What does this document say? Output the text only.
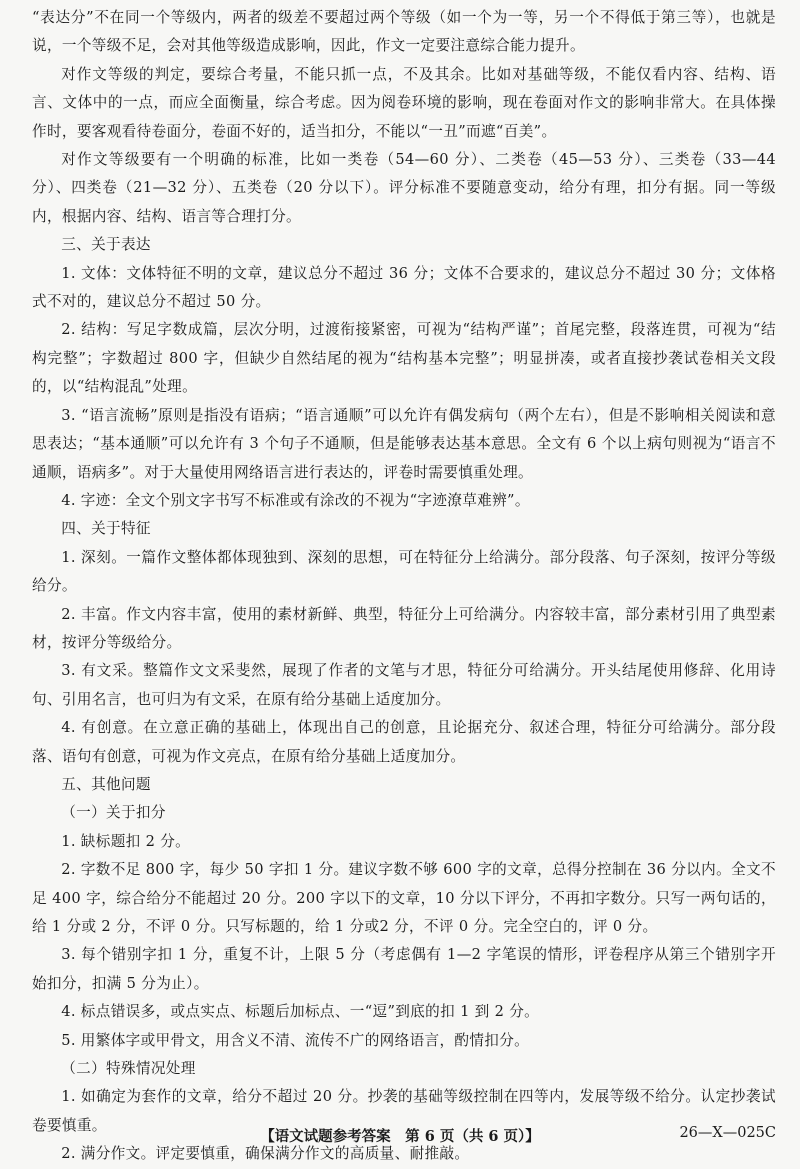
“表达分”不在同一个等级内，两者的级差不要超过两个等级（如一个为一等，另一个不得低于第三等），也就是说，一个等级不足，会对其他等级造成影响，因此，作文一定要注意综合能力提升。

对作文等级的判定，要综合考量，不能只抓一点，不及其余。比如对基础等级，不能仅看内容、结构、语言、文体中的一点，而应全面衡量，综合考虑。因为阅卷环境的影响，现在卷面对作文的影响非常大。在具体操作时，要客观看待卷面分，卷面不好的，适当扣分，不能以“一丑”而遮“百美”。

对作文等级要有一个明确的标准，比如一类卷（54—60 分）、二类卷（45—53 分）、三类卷（33—44 分）、四类卷（21—32 分）、五类卷（20 分以下）。评分标准不要随意变动，给分有理，扣分有据。同一等级内，根据内容、结构、语言等合理打分。

三、关于表达

1. 文体：文体特征不明的文章，建议总分不超过 36 分；文体不合要求的，建议总分不超过 30 分；文体格式不对的，建议总分不超过 50 分。

2. 结构：写足字数成篇，层次分明，过渡衔接紧密，可视为“结构严谨”；首尾完整，段落连贯，可视为“结构完整”；字数超过 800 字，但缺少自然结尾的视为“结构基本完整”；明显拼凑，或者直接抄袭试卷相关文段的，以“结构混乱”处理。

3. “语言流畅”原则是指没有语病；“语言通顺”可以允许有偶发病句（两个左右），但是不影响相关阅读和意思表达；“基本通顺”可以允许有 3 个句子不通顺，但是能够表达基本意思。全文有 6 个以上病句则视为“语言不通顺，语病多”。对于大量使用网络语言进行表达的，评卷时需要慎重处理。

4. 字迹：全文个别文字书写不标准或有涂改的不视为“字迹潦草难辨”。

四、关于特征

1. 深刻。一篇作文整体都体现独到、深刻的思想，可在特征分上给满分。部分段落、句子深刻，按评分等级给分。

2. 丰富。作文内容丰富，使用的素材新鲜、典型，特征分上可给满分。内容较丰富，部分素材引用了典型素材，按评分等级给分。

3. 有文采。整篇作文文采斐然，展现了作者的文笔与才思，特征分可给满分。开头结尾使用修辞、化用诗句、引用名言，也可归为有文采，在原有给分基础上适度加分。

4. 有创意。在立意正确的基础上，体现出自己的创意，且论据充分、叙述合理，特征分可给满分。部分段落、语句有创意，可视为作文亮点，在原有给分基础上适度加分。

五、其他问题

（一）关于扣分

1. 缺标题扣 2 分。

2. 字数不足 800 字，每少 50 字扣 1 分。建议字数不够 600 字的文章，总得分控制在 36 分以内。全文不足 400 字，综合给分不能超过 20 分。200 字以下的文章，10 分以下评分，不再扣字数分。只写一两句话的，给 1 分或 2 分，不评 0 分。只写标题的，给 1 分或2 分，不评 0 分。完全空白的，评 0 分。

3. 每个错别字扣 1 分，重复不计，上限 5 分（考虑偶有 1—2 字笔误的情形，评卷程序从第三个错别字开始扣分，扣满 5 分为止）。

4. 标点错误多，或点实点、标题后加标点、一“逗”到底的扣 1 到 2 分。

5. 用繁体字或甲骨文，用含义不清、流传不广的网络语言，酌情扣分。

（二）特殊情况处理

1. 如确定为套作的文章，给分不超过 20 分。抄袭的基础等级控制在四等内，发展等级不给分。认定抄袭试卷要慎重。

2. 满分作文。评定要慎重，确保满分作文的高质量、耐推敲。

【语文试题参考答案　第 6 页（共 6 页）】	26—X—025C
